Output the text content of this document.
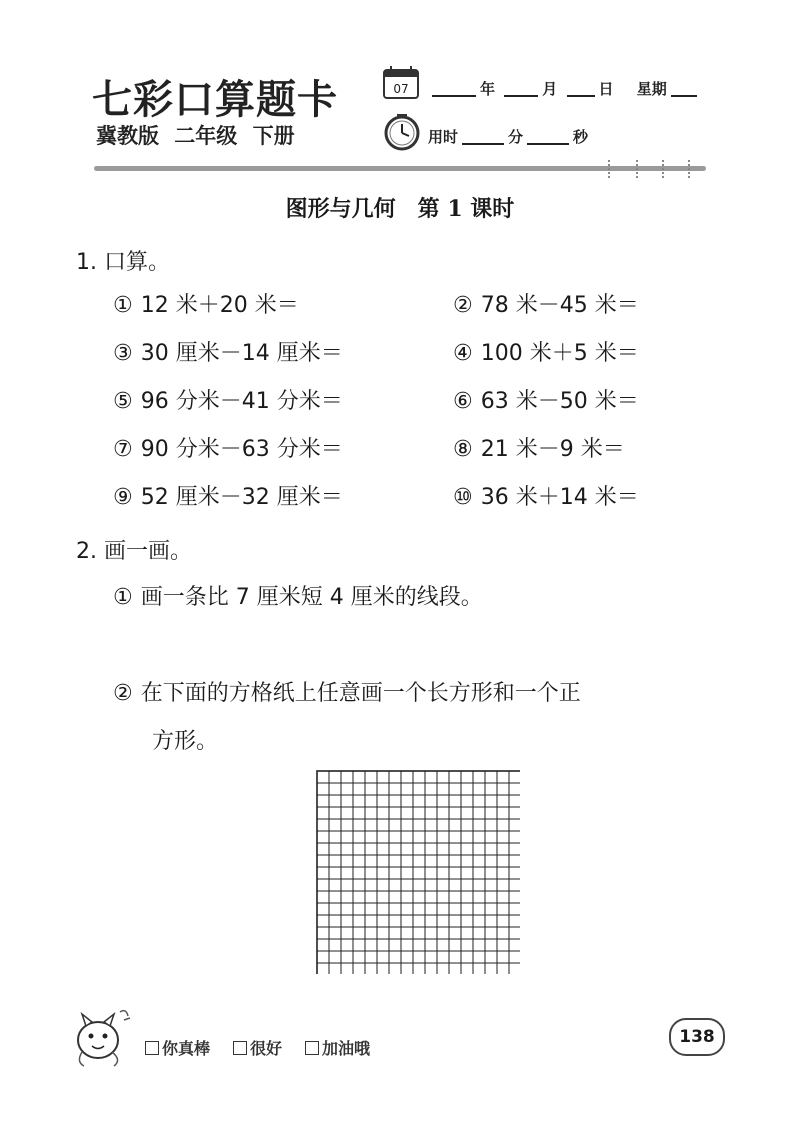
七彩口算题卡
冀教版 二年级 下册
07	年	月	日 星期
用时	分	秒
图形与几何　第 1 课时
1. 口算。
① 12 米＋20 米＝	② 78 米－45 米＝
③ 30 厘米－14 厘米＝	④ 100 米＋5 米＝
⑤ 96 分米－41 分米＝	⑥ 63 米－50 米＝
⑦ 90 分米－63 分米＝	⑧ 21 米－9 米＝
⑨ 52 厘米－32 厘米＝	⑩ 36 米＋14 米＝
2. 画一画。
① 画一条比 7 厘米短 4 厘米的线段。
② 在下面的方格纸上任意画一个长方形和一个正
方形。
你真棒	很好	加油哦
138
